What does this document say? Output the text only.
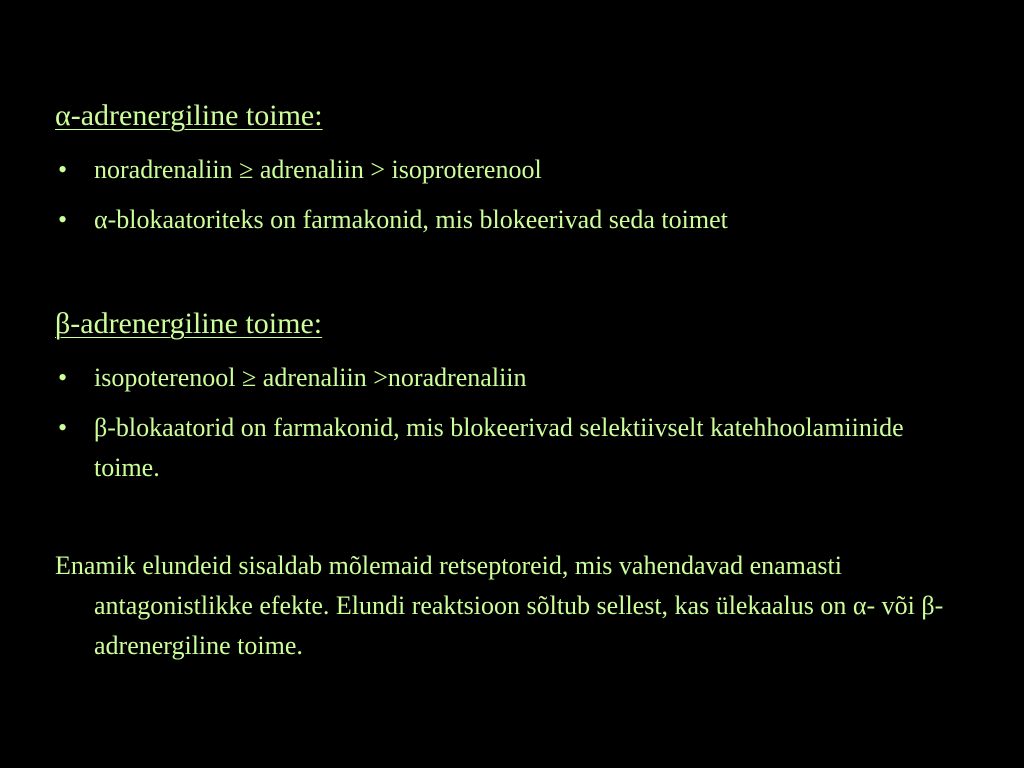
α-adrenergiline toime:
• noradrenaliin ≥ adrenaliin > isoproterenool
• α-blokaatoriteks on farmakonid, mis blokeerivad seda toimet
β-adrenergiline toime:
• isopoterenool ≥ adrenaliin >noradrenaliin
• β-blokaatorid on farmakonid, mis blokeerivad selektiivselt katehhoolamiinide toime.
Enamik elundeid sisaldab mõlemaid retseptoreid, mis vahendavad enamasti antagonistlikke efekte. Elundi reaktsioon sõltub sellest, kas ülekaalus on α- või β-adrenergiline toime.
